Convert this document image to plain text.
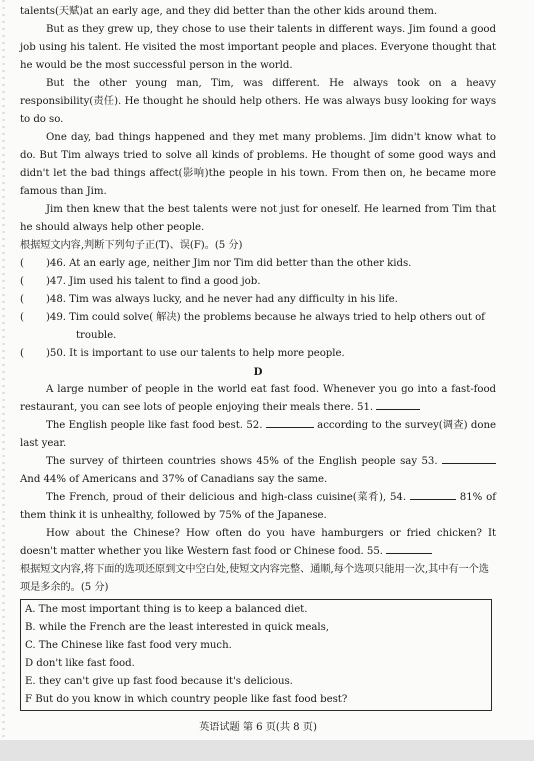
talents(天赋)at an early age, and they did better than the other kids around them.

But as they grew up, they chose to use their talents in different ways. Jim found a good job using his talent. He visited the most important people and places. Everyone thought that he would be the most successful person in the world.

But the other young man, Tim, was different. He always took on a heavy responsibility(责任). He thought he should help others. He was always busy looking for ways to do so.

One day, bad things happened and they met many problems. Jim didn't know what to do. But Tim always tried to solve all kinds of problems. He thought of some good ways and didn't let the bad things affect(影响)the people in his town. From then on, he became more famous than Jim.

Jim then knew that the best talents were not just for oneself. He learned from Tim that he should always help other people.

根据短文内容,判断下列句子正(T)、误(F)。(5 分)

(	)46. At an early age, neither Jim nor Tim did better than the other kids.
(	)47. Jim used his talent to find a good job.
(	)48. Tim was always lucky, and he never had any difficulty in his life.
(	)49. Tim could solve( 解决) the problems because he always tried to help others out of

trouble.

(	)50. It is important to use our talents to help more people.

D

A large number of people in the world eat fast food. Whenever you go into a fast-food restaurant, you can see lots of people enjoying their meals there. 51.

The English people like fast food best. 52.	according to the survey(调查) done last year.

The survey of thirteen countries shows 45% of the English people say 53.  And 44% of Americans and 37% of Canadians say the same.

The French, proud of their delicious and high-class cuisine(菜肴), 54.	81% of them think it is unhealthy, followed by 75% of the Japanese.

How about the Chinese? How often do you have hamburgers or fried chicken? It doesn't matter whether you like Western fast food or Chinese food. 55.

根据短文内容,将下面的选项还原到文中空白处,使短文内容完整、通顺,每个选项只能用一次,其中有一个选项是多余的。(5 分)

A. The most important thing is to keep a balanced diet.

B. while the French are the least interested in quick meals,

C. The Chinese like fast food very much.

D don't like fast food.

E. they can't give up fast food because it's delicious.

F But do you know in which country people like fast food best?

英语试题 第 6 页(共 8 页)
